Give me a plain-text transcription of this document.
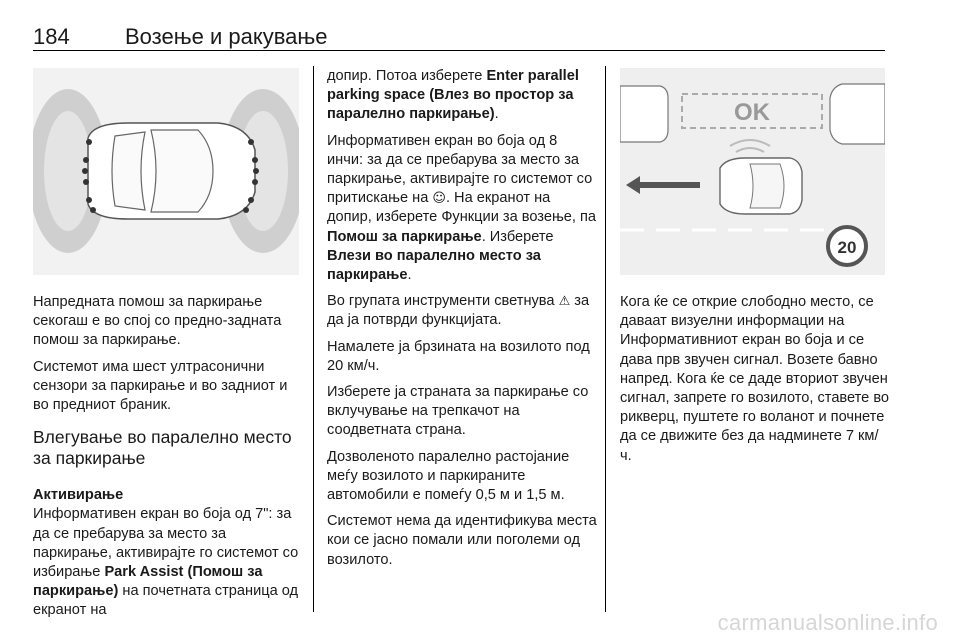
184	Возење и ракување

Напредната помош за паркирање секогаш е во спој со предно-задната помош за паркирање.

Системот има шест ултрасонични сензори за паркирање и во задниот и во предниот браник.

Влегување во паралелно место за паркирање
Активирање

Информативен екран во боја од 7": за да се пребарува за место за паркирање, активирајте го системот со избирање Park Assist (Помош за паркирање) на почетната страница од екранот на

допир. Потоа изберете Enter parallel parking space (Влез во простор за паралелно паркирање).

Информативен екран во боја од 8 инчи: за да се пребарува за место за паркирање, активирајте го системот со притискање на ☺. На екранот на допир, изберете Функции за возење, па Помош за паркирање. Изберете Влези во паралелно место за паркирање.

Во групата инструменти светнува ⚠ за да ја потврди функцијата.

Намалете ја брзината на возилото под 20 км/ч.

Изберете ја страната за паркирање со вклучување на трепкачот на соодветната страна.

Дозволеното паралелно растојание меѓу возилото и паркираните автомобили е помеѓу 0,5 м и 1,5 м.

Системот нема да идентификува места кои се јасно помали или поголеми од возилото.

OK
20

Кога ќе се открие слободно место, се даваат визуелни информации на Информативниот екран во боја и се дава прв звучен сигнал. Возете бавно напред. Кога ќе се даде вториот звучен сигнал, запрете го возилото, ставете во рикверц, пуштете го воланот и почнете да се движите без да надминете 7 км/ч.

carmanualsonline.info
